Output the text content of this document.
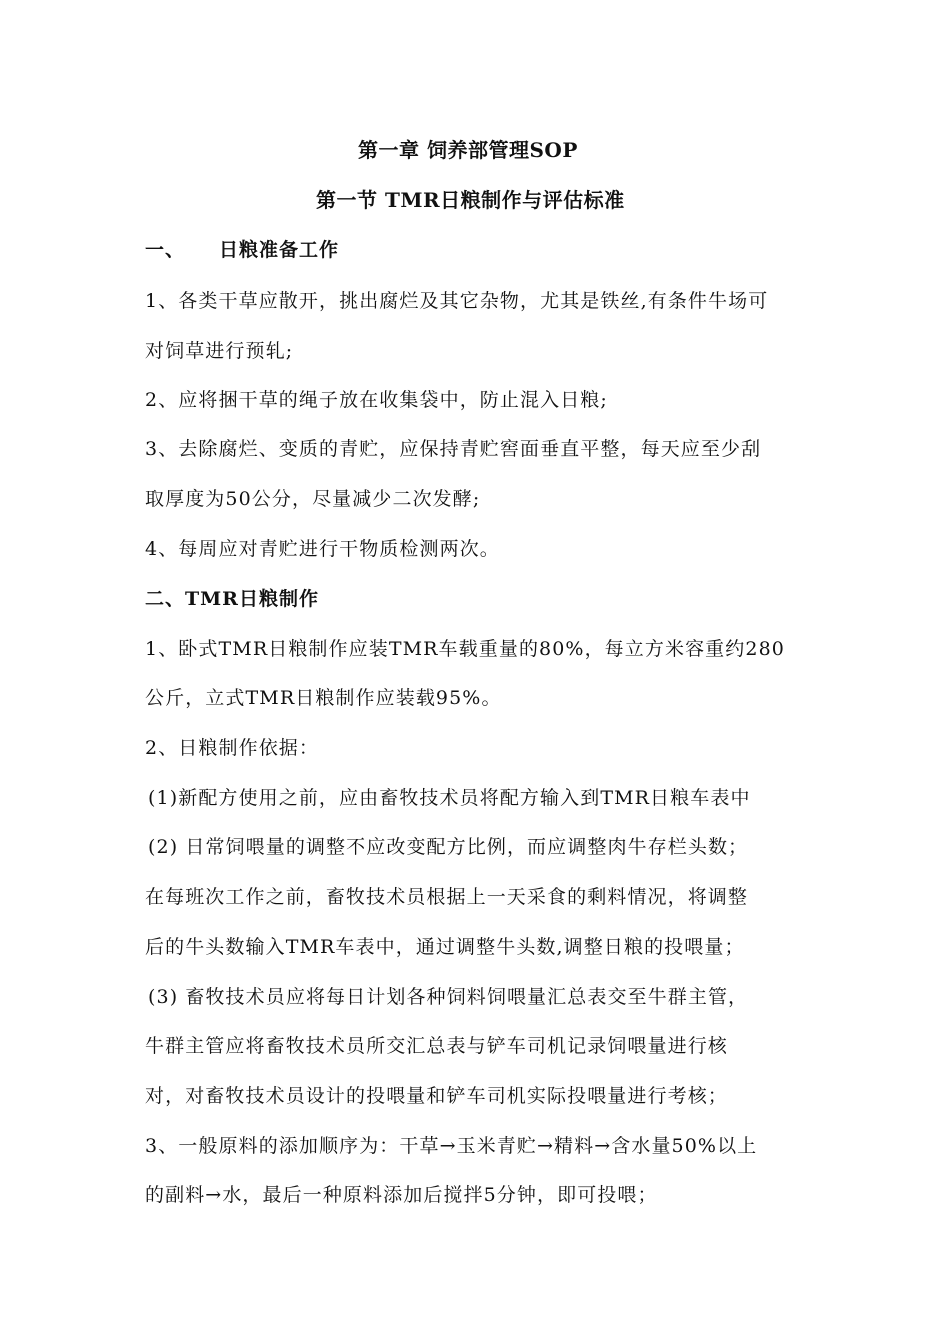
第一章 饲养部管理SOP
第一节 TMR日粮制作与评估标准
一、 日粮准备工作
1、各类干草应散开，挑出腐烂及其它杂物，尤其是铁丝,有条件牛场可
对饲草进行预轧;
2、应将捆干草的绳子放在收集袋中，防止混入日粮;
3、去除腐烂、变质的青贮，应保持青贮窖面垂直平整，每天应至少刮
取厚度为50公分，尽量减少二次发酵;
4、每周应对青贮进行干物质检测两次。
二、TMR日粮制作
1、卧式TMR日粮制作应装TMR车载重量的80%，每立方米容重约280
公斤，立式TMR日粮制作应装载95%。
2、日粮制作依据：
(1)新配方使用之前，应由畜牧技术员将配方输入到TMR日粮车表中
(2) 日常饲喂量的调整不应改变配方比例，而应调整肉牛存栏头数；
在每班次工作之前，畜牧技术员根据上一天采食的剩料情况，将调整
后的牛头数输入TMR车表中，通过调整牛头数,调整日粮的投喂量；
(3) 畜牧技术员应将每日计划各种饲料饲喂量汇总表交至牛群主管，
牛群主管应将畜牧技术员所交汇总表与铲车司机记录饲喂量进行核
对，对畜牧技术员设计的投喂量和铲车司机实际投喂量进行考核；
3、一般原料的添加顺序为：干草→玉米青贮→精料→含水量50%以上
的副料→水，最后一种原料添加后搅拌5分钟，即可投喂；
